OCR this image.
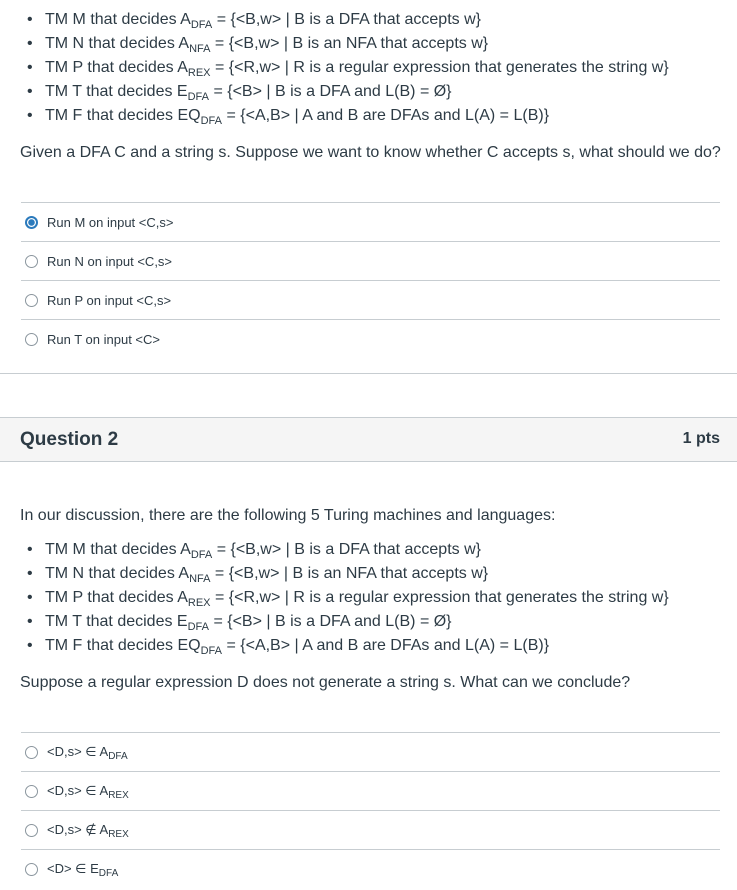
• TM M that decides $A_{DFA} = \{<B,w>$ | B is a DFA that accepts w}
• TM N that decides $A_{NFA} = \{<B,w>$ | B is an NFA that accepts w}
• TM P that decides $A_{REX} = \{<R,w>$ | R is a regular expression that generates the string w}
• TM T that decides $E_{DFA} = \{<B>$ | B is a DFA and L(B) = Ø}
• TM F that decides $EQ_{DFA} = \{<A,B>$ | A and B are DFAs and L(A) = L(B)}
Given a DFA C and a string s. Suppose we want to know whether C accepts s, what should we do?
Run M on input <C,s>
Run N on input <C,s>
Run P on input <C,s>
Run T on input <C>
Question 2	1 pts
In our discussion, there are the following 5 Turing machines and languages:
• TM M that decides $A_{DFA} = \{<B,w>$ | B is a DFA that accepts w}
• TM N that decides $A_{NFA} = \{<B,w>$ | B is an NFA that accepts w}
• TM P that decides $A_{REX} = \{<R,w>$ | R is a regular expression that generates the string w}
• TM T that decides $E_{DFA} = \{<B>$ | B is a DFA and L(B) = Ø}
• TM F that decides $EQ_{DFA} = \{<A,B>$ | A and B are DFAs and L(A) = L(B)}
Suppose a regular expression D does not generate a string s. What can we conclude?
<D,s> ∈ $A_{DFA}$
<D,s> ∈ $A_{REX}$
<D,s> ∉ $A_{REX}$
<D> ∈ $E_{DFA}$
